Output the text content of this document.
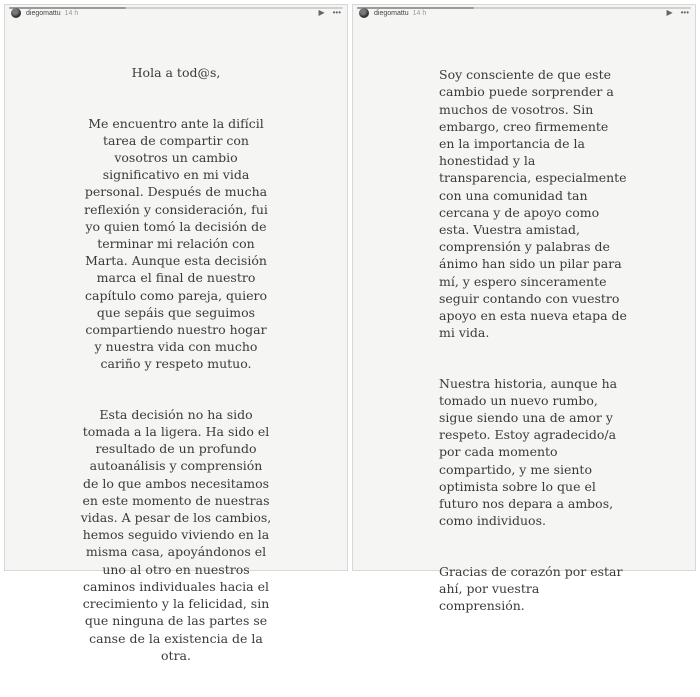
diegomattu 14 h	▶ •••

Hola a tod@s,

Me encuentro ante la difícil
tarea de compartir con
vosotros un cambio
significativo en mi vida
personal. Después de mucha
reflexión y consideración, fui
yo quien tomó la decisión de
terminar mi relación con
Marta. Aunque esta decisión
marca el final de nuestro
capítulo como pareja, quiero
que sepáis que seguimos
compartiendo nuestro hogar
y nuestra vida con mucho
cariño y respeto mutuo.

Esta decisión no ha sido
tomada a la ligera. Ha sido el
resultado de un profundo
autoanálisis y comprensión
de lo que ambos necesitamos
en este momento de nuestras
vidas. A pesar de los cambios,
hemos seguido viviendo en la
misma casa, apoyándonos el
uno al otro en nuestros
caminos individuales hacia el
crecimiento y la felicidad, sin
que ninguna de las partes se
canse de la existencia de la
otra.

diegomattu 14 h	▶ •••

Soy consciente de que este
cambio puede sorprender a
muchos de vosotros. Sin
embargo, creo firmemente
en la importancia de la
honestidad y la
transparencia, especialmente
con una comunidad tan
cercana y de apoyo como
esta. Vuestra amistad,
comprensión y palabras de
ánimo han sido un pilar para
mí, y espero sinceramente
seguir contando con vuestro
apoyo en esta nueva etapa de
mi vida.

Nuestra historia, aunque ha
tomado un nuevo rumbo,
sigue siendo una de amor y
respeto. Estoy agradecido/a
por cada momento
compartido, y me siento
optimista sobre lo que el
futuro nos depara a ambos,
como individuos.

Gracias de corazón por estar
ahí, por vuestra
comprensión.
